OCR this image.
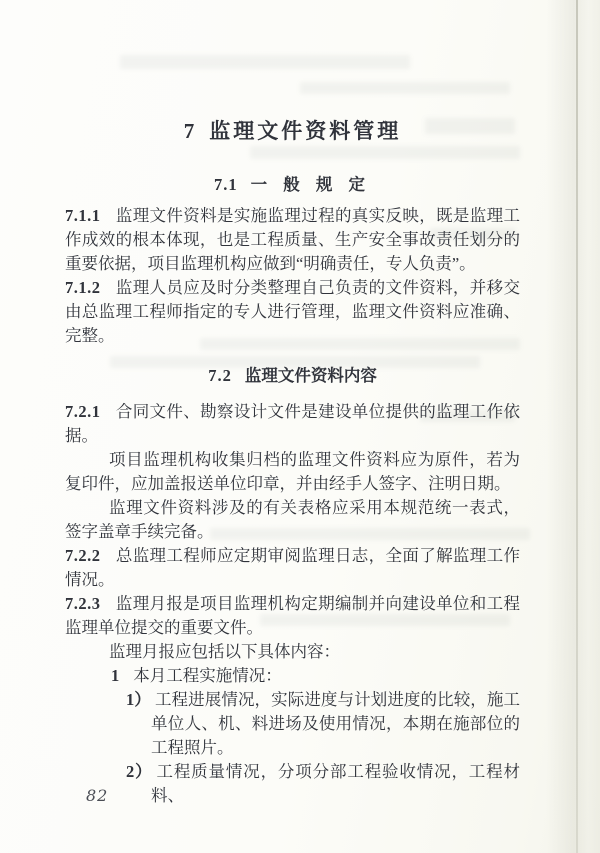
7 监理文件资料管理
7.1 一 般 规 定

7.1.1 监理文件资料是实施监理过程的真实反映，既是监理工作成效的根本体现，也是工程质量、生产安全事故责任划分的重要依据，项目监理机构应做到“明确责任，专人负责”。

7.1.2 监理人员应及时分类整理自己负责的文件资料，并移交由总监理工程师指定的专人进行管理，监理文件资料应准确、完整。

7.2 监理文件资料内容

7.2.1 合同文件、勘察设计文件是建设单位提供的监理工作依据。

项目监理机构收集归档的监理文件资料应为原件，若为复印件，应加盖报送单位印章，并由经手人签字、注明日期。

监理文件资料涉及的有关表格应采用本规范统一表式，签字盖章手续完备。

7.2.2 总监理工程师应定期审阅监理日志，全面了解监理工作情况。

7.2.3 监理月报是项目监理机构定期编制并向建设单位和工程监理单位提交的重要文件。

监理月报应包括以下具体内容：

1 本月工程实施情况：

1） 工程进展情况，实际进度与计划进度的比较，施工单位人、机、料进场及使用情况，本期在施部位的工程照片。

2） 工程质量情况，分项分部工程验收情况，工程材料、

82
